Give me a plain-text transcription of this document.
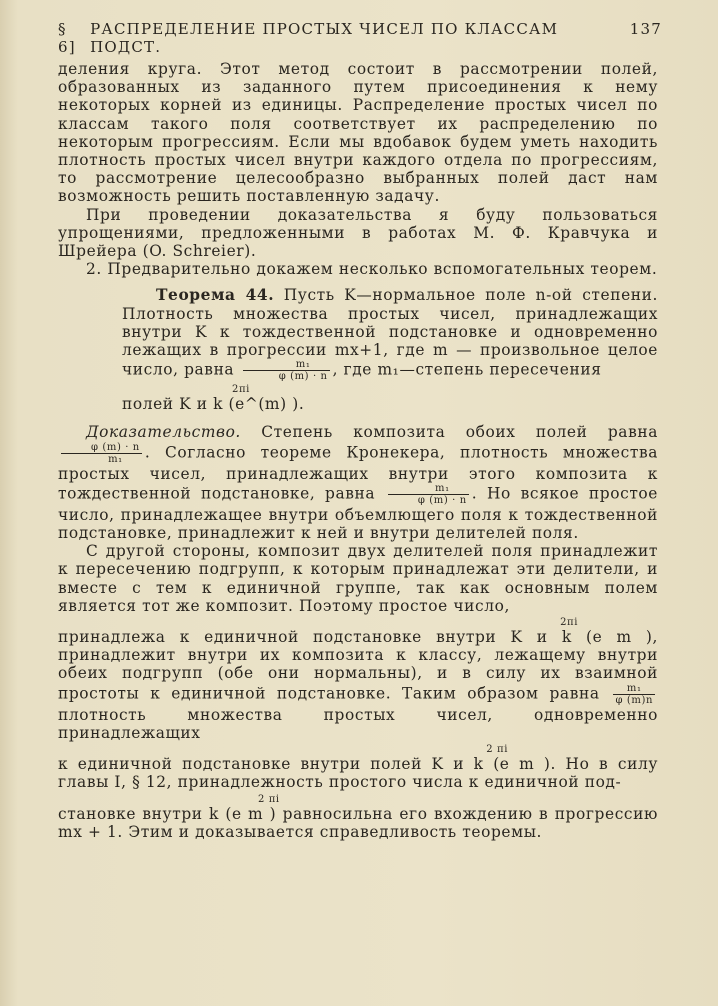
§ 6]
РАСПРЕДЕЛЕНИЕ ПРОСТЫХ ЧИСЕЛ ПО КЛАССАМ ПОДСТ.
137

деления круга. Этот метод состоит в рассмотрении полей, образованных из заданного путем присоединения к нему некоторых корней из единицы. Распределение простых чисел по классам такого поля соответствует их распределению по некоторым прогрессиям. Если мы вдобавок будем уметь находить плотность простых чисел внутри каждого отдела по прогрессиям, то рассмотрение целесообразно выбранных полей даст нам возможность решить поставленную задачу.

При проведении доказательства я буду пользоваться упрощениями, предложенными в работах М. Ф. Кравчука и Шрейера (O. Schreier).

2. Предварительно докажем несколько вспомогательных теорем.

Теорема 44. Пусть K—нормальное поле n-ой степени. Плотность множества простых чисел, принадлежащих внутри K к тождественной подстановке и одновременно лежащих в прогрессии mx+1, где m — произвольное целое число, равна $\frac{\text{m₁}}{\varphi (m) \cdot n}$ , где m₁—степень пересечения

2πi

полей K и k (e^(m) ).

Доказательство. Степень композита обоих полей равна
$\frac{\varphi (m) \cdot n}{\text{m₁}}$ . Согласно теореме Кронекера, плотность множества простых чисел, принадлежащих внутри этого композита к тождественной подстановке, равна $\frac{\text{m₁}}{\varphi (m) \cdot n}$ . Но всякое простое число, принадлежащее внутри объемлющего поля к тождественной подстановке, принадлежит к ней и внутри делителей поля.

С другой стороны, композит двух делителей поля принадлежит к пересечению подгрупп, к которым принадлежат эти делители, и вместе с тем к единичной группе, так как основным полем является тот же композит. Поэтому простое число,

2πi

принадлежа к единичной подстановке внутри K и k (e m ), принадлежит внутри их композита к классу, лежащему внутри обеих подгрупп (обе они нормальны), и в силу их взаимной простоты к единичной подстановке. Таким образом равна $\frac{\text{m₁}}{\varphi (m)n}$
плотность множества простых чисел, одновременно принадлежащих

2 πi

к единичной подстановке внутри полей K и k (e m ). Но в силу главы I, § 12, принадлежность простого числа к единичной под-

2 πi

становке внутри k (e m ) равносильна его вхождению в прогрессию mx + 1. Этим и доказывается справедливость теоремы.
